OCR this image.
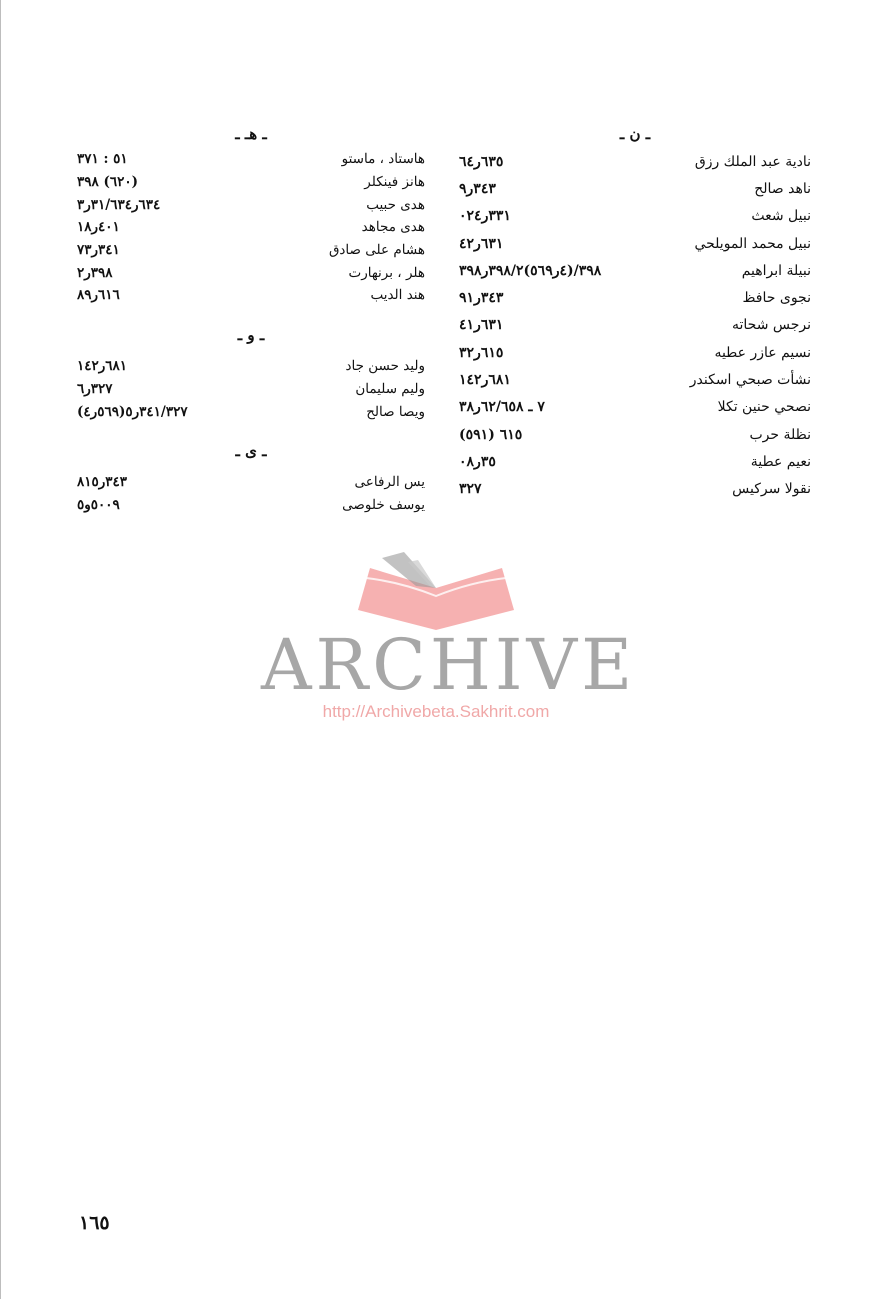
ـ ن ـ
نادية عبد الملك رزق
٦٣٥ر٦٤
ناهد صالح
٣٤٣ر٩
نبيل شعث
٣٣١ر٠٢٤
نبيل محمد المويلحي
٦٣١ر٤٢
نبيلة ابراهيم
٣٩٨/(٤ر٥٦٩)٣٩٨/٢ر٣٩٨
نجوى حافظ
٣٤٣ر٩١
نرجس شحاته
٦٣١ر٤١
نسيم عازر عطيه
٦١٥ر٣٢
نشأت صبحي اسكندر
٦٨١ر١٤٢
نصحي حنين تكلا
٧ ـ ٦٢/٦٥٨ر٣٨
نظلة حرب
٦١٥ (٥٩١)
نعيم عطية
٣٥ر٠٨
نقولا سركيس
٣٢٧
ـ هـ ـ
هاستاد ، ماستو
٥١ : ٣٧١
هانز فينكلر
(٦٢٠) ٣٩٨
هدى حبيب
٦٣٤ر٣١/٦٣٤ر٣
هدى مجاهد
٤٠١ر١٨
هشام على صادق
٣٤١ر٧٣
هلر ، برنهارت
٣٩٨ر٢
هند الديب
٦١٦ر٨٩
ـ و ـ
وليد حسن جاد
٦٨١ر١٤٢
وليم سليمان
٣٢٧ر٦
ويصا صالح
٣٤١/٣٢٧ر٥(٥٦٩ر٤)
ـ ى ـ
يس الرفاعى
٣٤٣ر٨١٥
يوسف خلوصى
٥٠٠٩و٥
ARCHIVE
http://Archivebeta.Sakhrit.com
١٦٥
